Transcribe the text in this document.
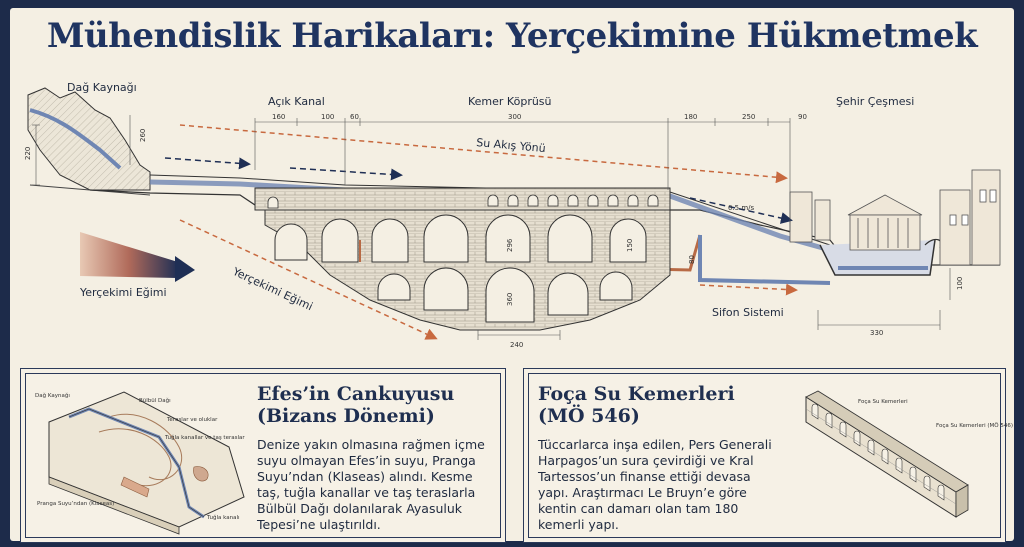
Mühendislik Harikaları: Yerçekimine Hükmetmek
Dağ Kaynağı
Açık Kanal	Kemer Köprüsü	Şehir Çeşmesi
Su Akış Yönü
Yerçekimi Eğimi	Yerçekimi Eğimi	Sifon Sistemi
0.5 m/s
220
260
160	100 60	300	180	250	90
296
360
240
150
80
100
330
Dağ Kaynağı
Bülbül Dağı
Teraslar ve oluklar
Tuğla kanallar ve taş teraslar
Pranga Suyu’ndan (Klaseas)
Tuğla kanalı
Efes’in Cankuyusu
(Bizans Dönemi)

Denize yakın olmasına rağmen içme
suyu olmayan Efes’in suyu, Pranga
Suyu’ndan (Klaseas) alındı. Kesme
taş, tuğla kanallar ve taş teraslarla
Bülbül Dağı dolanılarak Ayasuluk
Tepesi’ne ulaştırıldı.

Foça Su Kemerleri
(MÖ 546)

Tüccarlarca inşa edilen, Pers Generali
Harpagos’un sura çevirdiği ve Kral
Tartessos’un finanse ettiği devasa
yapı. Araştırmacı Le Bruyn’e göre
kentin can damarı olan tam 180
kemerli yapı.

Foça Su Kemerleri
Foça Su Kemerleri (MÖ 546)
